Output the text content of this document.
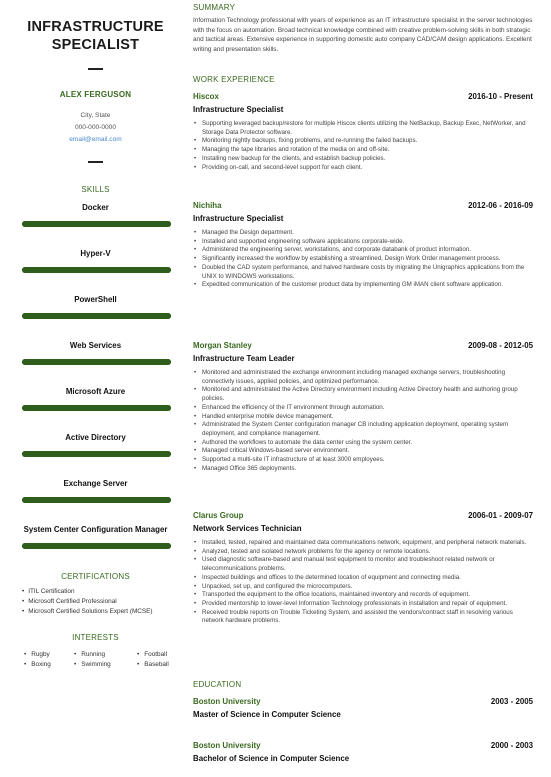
INFRASTRUCTURE
SPECIALIST
ALEX FERGUSON
City, State
000-000-0000
email@email.com
SKILLS
Docker
Hyper-V
PowerShell
Web Services
Microsoft Azure
Active Directory
Exchange Server
System Center Configuration Manager
CERTIFICATIONS
• ITIL Certification
• Microsoft Certified Professional
• Microsoft Certified Solutions Expert (MCSE)
INTERESTS
• Rugby	• Running	• Football
• Boxing	• Swimming	• Baseball
SUMMARY
Information Technology professional with years of experience as an IT infrastructure specialist in the server technologies with the focus on automation. Broad technical knowledge combined with creative problem-solving skills in both strategic and tactical areas. Extensive experience in supporting domestic auto company CAD/CAM design applications. Excellent writing and presentation skills.
WORK EXPERIENCE
Hiscox	2016-10 - Present
Infrastructure Specialist
• Supporting leveraged backup/restore for multiple Hiscox clients utilizing the NetBackup, Backup Exec, NetWorker, and Storage Data Protector software.
• Monitoring nightly backups, fixing problems, and re-running the failed backups.
• Managing the tape libraries and rotation of the media on and off-site.
• Installing new backup for the clients, and establish backup policies.
• Providing on-call, and second-level support for each client.
Nichiha	2012-06 - 2016-09
Infrastructure Specialist
• Managed the Design department.
• Installed and supported engineering software applications corporate-wide.
• Administered the engineering server, workstations, and corporate databank of product information.
• Significantly increased the workflow by establishing a streamlined, Design Work Order management process.
• Doubled the CAD system performance, and halved hardware costs by migrating the Unigraphics applications from the UNIX to WINDOWS workstations.
• Expedited communication of the customer product data by implementing GM iMAN client software application.
Morgan Stanley	2009-08 - 2012-05
Infrastructure Team Leader
• Monitored and administrated the exchange environment including managed exchange servers, troubleshooting connectivity issues, applied policies, and optimized performance.
• Monitored and administrated the Active Directory environment including Active Directory health and authoring group policies.
• Enhanced the efficiency of the IT environment through automation.
• Handled enterprise mobile device management.
• Administrated the System Center configuration manager CB including application deployment, operating system deployment, and compliance management.
• Authored the workflows to automate the data center using the system center.
• Managed critical Windows-based server environment.
• Supported a multi-site IT infrastructure of at least 3000 employees.
• Managed Office 365 deployments.
Clarus Group	2006-01 - 2009-07
Network Services Technician
• Installed, tested, repaired and maintained data communications network, equipment, and peripheral network materials.
• Analyzed, tested and isolated network problems for the agency or remote locations.
• Used diagnostic software-based and manual test equipment to monitor and troubleshoot related network or telecommunications problems.
• Inspected buildings and offices to the determined location of equipment and connecting media.
• Unpacked, set up, and configured the microcomputers.
• Transported the equipment to the office locations, maintained inventory and records of equipment.
• Provided mentorship to lower-level Information Technology professionals in installation and repair of equipment.
• Received trouble reports on Trouble Ticketing System, and assisted the vendors/contract staff in resolving various network hardware problems.
EDUCATION
Boston University	2003 - 2005
Master of Science in Computer Science
Boston University	2000 - 2003
Bachelor of Science in Computer Science
